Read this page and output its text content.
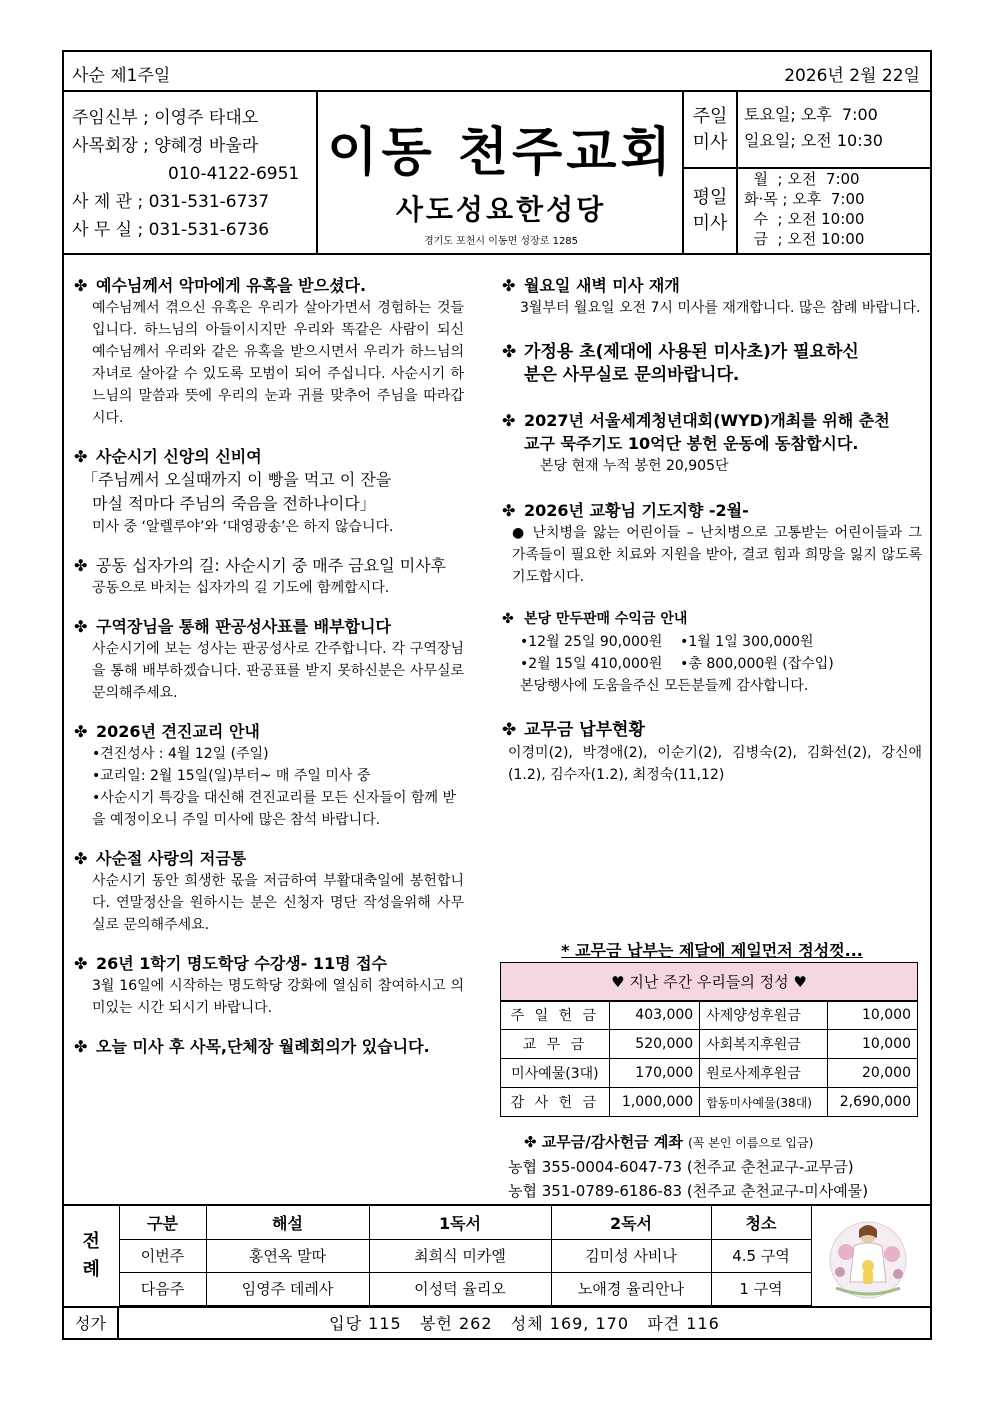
사순 제1주일	2026년 2월 22일
주임신부 ; 이영주 타대오
사목회장 ; 양혜경 바울라
010-4122-6951
사 제 관 ; 031-531-6737
사 무 실 ; 031-531-6736
이동 천주교회
사도성요한성당
경기도 포천시 이동면 성장로 1285
주일
미사
토요일; 오후  7:00
일요일; 오전 10:30
평일
미사
월  ; 오전  7:00
화·목 ; 오후  7:00
수  ; 오전 10:00
금  ; 오전 10:00
✤ 예수님께서 악마에게 유혹을 받으셨다.
예수님께서 겪으신 유혹은 우리가 살아가면서 경험하는 것들입니다. 하느님의 아들이시지만 우리와 똑같은 사람이 되신 예수님께서 우리와 같은 유혹을 받으시면서 우리가 하느님의 자녀로 살아갈 수 있도록 모범이 되어 주십니다. 사순시기 하느님의 말씀과 뜻에 우리의 눈과 귀를 맞추어 주님을 따라갑시다.
✤ 사순시기 신앙의 신비여
「주님께서 오실때까지 이 빵을 먹고 이 잔을
마실 적마다 주님의 죽음을 전하나이다」
미사 중 ‘알렐루야’와 ‘대영광송’은 하지 않습니다.
✤ 공동 십자가의 길: 사순시기 중 매주 금요일 미사후
공동으로 바치는 십자가의 길 기도에 함께합시다.
✤ 구역장님을 통해 판공성사표를 배부합니다
사순시기에 보는 성사는 판공성사로 간주합니다. 각 구역장님을 통해 배부하겠습니다. 판공표를 받지 못하신분은 사무실로 문의해주세요.
✤ 2026년 견진교리 안내
•견진성사 : 4월 12일 (주일)
•교리일: 2월 15일(일)부터~ 매 주일 미사 중
•사순시기 특강을 대신해 견진교리를 모든 신자들이 함께 받을 예정이오니 주일 미사에 많은 참석 바랍니다.
✤ 사순절 사랑의 저금통
사순시기 동안 희생한 몫을 저금하여 부활대축일에 봉헌합니다. 연말정산을 원하시는 분은 신청자 명단 작성을위해 사무실로 문의해주세요.
✤ 26년 1학기 명도학당 수강생- 11명 접수
3월 16일에 시작하는 명도학당 강화에 열심히 참여하시고 의미있는 시간 되시기 바랍니다.
✤ 오늘 미사 후 사목,단체장 월례회의가 있습니다.
✤ 월요일 새벽 미사 재개
3월부터 월요일 오전 7시 미사를 재개합니다. 많은 참례 바랍니다.
✤ 가정용 초(제대에 사용된 미사초)가 필요하신
분은 사무실로 문의바랍니다.
✤ 2027년 서울세계청년대회(WYD)개최를 위해 춘천
교구 묵주기도 10억단 봉헌 운동에 동참합시다.
본당 현재 누적 봉헌 20,905단
✤ 2026년 교황님 기도지향 -2월-
● 난치병을 앓는 어린이들 – 난치병으로 고통받는 어린이들과 그 가족들이 필요한 치료와 지원을 받아, 결코 힘과 희망을 잃지 않도록 기도합시다.
✤ 본당 만두판매 수익금 안내
•12월 25일 90,000원    •1월 1일 300,000원
•2월 15일 410,000원    •총 800,000원 (잡수입)
본당행사에 도움을주신 모든분들께 감사합니다.
✤ 교무금 납부현황
이경미(2), 박경애(2), 이순기(2), 김병숙(2), 김화선(2), 강신애(1.2), 김수자(1.2), 최정숙(11,12)
* 교무금 납부는 제달에 제일먼저 정성껏...
♥ 지난 주간 우리들의 정성 ♥			
주 일 헌 금	403,000	사제양성후원금	10,000
교 무 금	520,000	사회복지후원금	10,000
미사예물(3대)	170,000	원로사제후원금	20,000
감 사 헌 금	1,000,000	합동미사예물(38대)	2,690,000
✤ 교무금/감사헌금 계좌 (꼭 본인 이름으로 입금)
농협 355-0004-6047-73 (천주교 춘천교구-교무금)
농협 351-0789-6186-83 (천주교 춘천교구-미사예물)
전
례	구분	해설	1독서	2독서	청소
	이번주	홍연옥 말따	최희식 미카엘	김미성 사비나	4.5 구역
	다음주	임영주 데레사	이성덕 율리오	노애경 율리안나	1 구역
성가	입당 115   봉헌 262   성체 169, 170   파견 116
